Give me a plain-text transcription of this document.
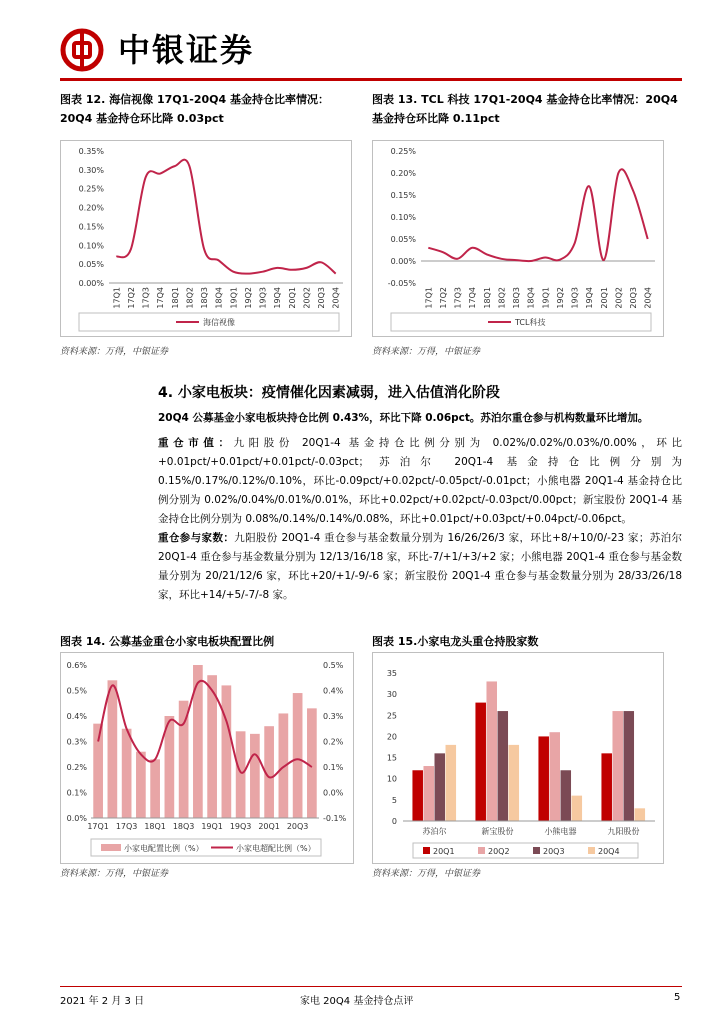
中银证券
图表 12. 海信视像 17Q1-20Q4 基金持仓比率情况：20Q4 基金持仓环比降 0.03pct
0.00%
0.05%
0.10%
0.15%
0.20%
0.25%
0.30%
0.35%
17Q1 17Q2 17Q3 17Q4 18Q1 18Q2 18Q3 18Q4 19Q1 19Q2 19Q3 19Q4 20Q1 20Q2 20Q3 20Q4
海信视像
资料来源：万得，中银证券
图表 13. TCL 科技 17Q1-20Q4 基金持仓比率情况：20Q4 基金持仓环比降 0.11pct
-0.05%
0.00%
0.05%
0.10%
0.15%
0.20%
0.25%
17Q1 17Q2 17Q3 17Q4 18Q1 18Q2 18Q3 18Q4 19Q1 19Q2 19Q3 19Q4 20Q1 20Q2 20Q3 20Q4
TCL科技
资料来源：万得，中银证券
4. 小家电板块：疫情催化因素减弱，进入估值消化阶段
20Q4 公募基金小家电板块持仓比例 0.43%，环比下降 0.06pct。苏泊尔重仓参与机构数量环比增加。
重仓市值：九阳股份 20Q1-4 基金持仓比例分别为 0.02%/0.02%/0.03%/0.00%，环比+0.01pct/+0.01pct/+0.01pct/-0.03pct；苏泊尔 20Q1-4 基金持仓比例分别为 0.15%/0.17%/0.12%/0.10%，环比-0.09pct/+0.02pct/-0.05pct/-0.01pct；小熊电器 20Q1-4 基金持仓比例分别为 0.02%/0.04%/0.01%/0.01%，环比+0.02pct/+0.02pct/-0.03pct/0.00pct；新宝股份 20Q1-4 基金持仓比例分别为 0.08%/0.14%/0.14%/0.08%，环比+0.01pct/+0.03pct/+0.04pct/-0.06pct。
重仓参与家数：九阳股份 20Q1-4 重仓参与基金数量分别为 16/26/26/3 家，环比+8/+10/0/-23 家；苏泊尔 20Q1-4 重仓参与基金数量分别为 12/13/16/18 家，环比-7/+1/+3/+2 家；小熊电器 20Q1-4 重仓参与基金数量分别为 20/21/12/6 家，环比+20/+1/-9/-6 家；新宝股份 20Q1-4 重仓参与基金数量分别为 28/33/26/18 家，环比+14/+5/-7/-8 家。
图表 14. 公募基金重仓小家电板块配置比例
0.0%
0.1%
0.2%
0.3%
0.4%
0.5%
0.6%
-0.1%
0.0%
0.1%
0.2%
0.3%
0.4%
0.5%
17Q1 17Q3 18Q1 18Q3 19Q1 19Q3 20Q1 20Q3
小家电配置比例（%）	小家电超配比例（%）
资料来源：万得，中银证券
图表 15.小家电龙头重仓持股家数
0
5
10
15
20
25
30
35
苏泊尔	新宝股份	小熊电器	九阳股份
20Q1	20Q2	20Q3	20Q4
资料来源：万得，中银证券
2021 年 2 月 3 日	家电 20Q4 基金持仓点评	5
